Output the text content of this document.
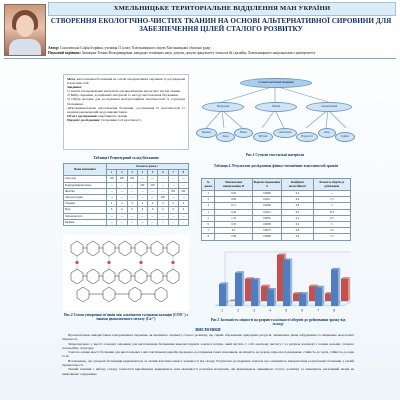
ХМЕЛЬНИЦЬКЕ ТЕРИТОРІАЛЬНЕ ВІДДІЛЕННЯ МАН УКРАЇНИ
СТВОРЕННЯ ЕКОЛОГІЧНО-ЧИСТИХ ТКАНИН НА ОСНОВІ АЛЬТЕРНАТИВНОЇ СИРОВИНИ ДЛЯ ЗАБЕЗПЕЧЕННЯ ЦІЛЕЙ СТАЛОГО РОЗВИТКУ
Автор: Соколовська Софія Ігорівна, учениця 11 класу Хмельницького ліцею Хмельницької обласної ради
Науковий керівник: Зажицька Тетяна Володимирівна, кандидат технічних наук, доцент, доцент факультету технологій і дизайну Хмельницького національного університету

Мета: виготовлення біотканини на основі альтернативної сировини та дослідження її властивостей.

Завдання:

1) Аналіз альтернативних матеріалів для виробництва екологічно чистих тканин.

2) Вибір сировини, допоміжних матеріалів та методу виготовлення біотканини.

3) Підбір методик для дослідження експлуатаційних властивостей та структури біотканини.

4)Експериментальне виготовлення біотканин, дослідження їх властивостей та надання рекомендацій щодо використання.

Об'єкт дослідження: виробництво тканин

Предмет дослідження: біотканини та її властивості .

Сучасні текстильні матеріали
Натуральні	Хімічні	Альтернативні
Бавовна
Льон
Вовна
Штучні
Синтетичні
Водорості
Кава
Грибні
Рис.1 Сучасні текстильні матеріали
Таблиця1 Рецептурний склад біотканин
Назва компонента	Кількість зразка, г							
	1	2	3	4	5	6	7	8
Агар-агар	200	200	200	—	—	—	—	—
Кукурудзяний крохмаль	—	—	—	200	200	—	—	—
Желатин	—	—	—	—	—	—	200	200
Альгінат натрію	—	—	—	—	—	200	—	—
Гліцерин	4	4	4	4	4	4	4	4
Вода	6	6	6	6	6	6	6	6
Оцтова кислота	—	—	—	—	—	—	—	—
Барвник	—	—	—	—	—	—	—	—
Таблиця 2. Результати дослідження фізико-механічних властивостей зразків
№ зразка	Максимальне навантаження, Н	Відносне подовження, %	Коефіцієнт зносостійкості	Кількість обертів до руйнування
1	0.59	0.0068	0.4	—
2	0.89	0.0011	0.6	7.5
3	0.71	0.0069	0.8	5
4	0.44	0.0214	0.4	15.5
5	1.23	0.0050	0.2	2.5
6	0.33	0.0008	0.4	5
7	0.5	0.0073	0.8	2.5
8	0.98	0.0068	0.6	7.5
Рис.2 Схема утворення зв'язків між альгінатом та іонами кальцію (COO⁻) з іонами двовалентного металу (Ca²⁺)
1	2	3	4	5	6	7	8
Рис.3 Залежність міцності на розрив та кількості обертів до руйнування зразку від складу
ВИСНОВКИ

Проаналізовано використання альтернативної сировини, як важливого елементу сталого розвитку, що сприяє збереженню природних ресурсів, зменшенню рівня забруднення та зміцненню екологічної свідомості.

Запропоновано у якості основної сировини для виготовлення біотканини використовувати альгінат натрію, який містить у собі альгінову кислоту і за рахунок взаємодії з іонами кальцію утворює гелеподібну структуру.

З метою оцінки якості біотканин для виготовлення з них текстильних виробів проведено дослідження таких показників, як міцність на розрив, відносне подовження, стійкість до тертя, стійкість до води та ін.

Встановлено, що утворені біотканини відрізняються за своїми властивостями в залежності від складу. Результати дослідження свідчать про можливість використання розроблених біотканин у легкій промисловості.

Тканий тканини з вибору складу, технології виробництва відкривають нові можливості розробки матеріалів, які відповідають принципам сталого розвитку та зменшують негативний вплив на навколишнє середовище.
